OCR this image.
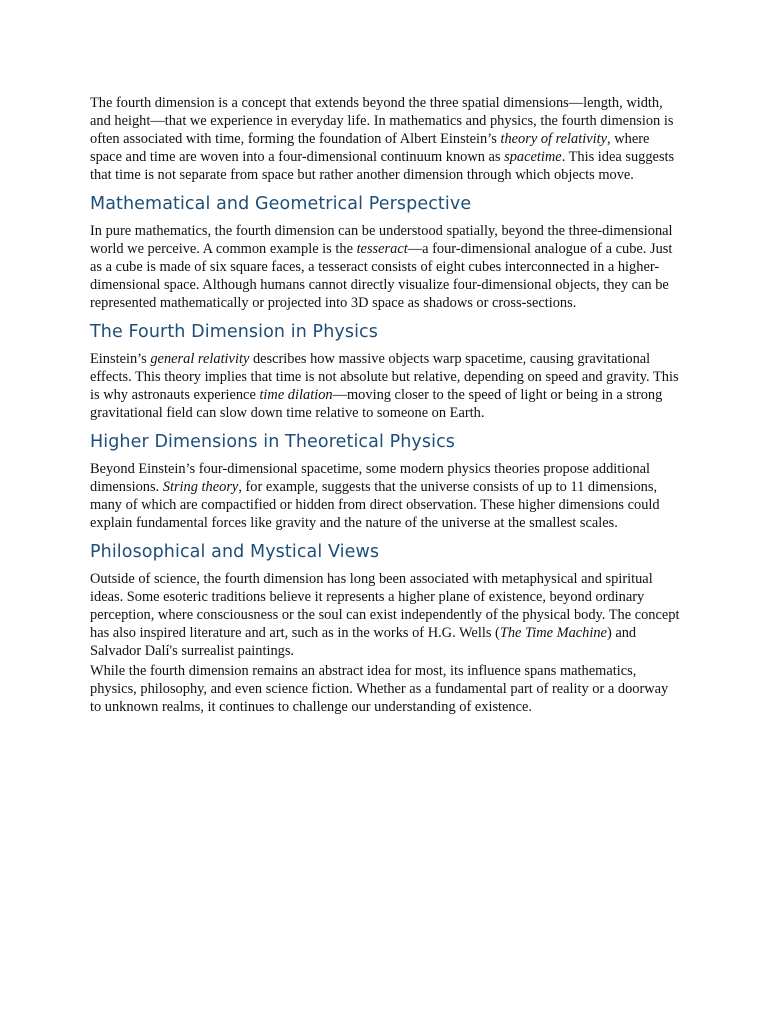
The fourth dimension is a concept that extends beyond the three spatial dimensions—length, width, and height—that we experience in everyday life. In mathematics and physics, the fourth dimension is often associated with time, forming the foundation of Albert Einstein’s theory of relativity, where space and time are woven into a four-dimensional continuum known as spacetime. This idea suggests that time is not separate from space but rather another dimension through which objects move.

Mathematical and Geometrical Perspective

In pure mathematics, the fourth dimension can be understood spatially, beyond the three-dimensional world we perceive. A common example is the tesseract—a four-dimensional analogue of a cube. Just as a cube is made of six square faces, a tesseract consists of eight cubes interconnected in a higher-dimensional space. Although humans cannot directly visualize four-dimensional objects, they can be represented mathematically or projected into 3D space as shadows or cross-sections.

The Fourth Dimension in Physics

Einstein’s general relativity describes how massive objects warp spacetime, causing gravitational effects. This theory implies that time is not absolute but relative, depending on speed and gravity. This is why astronauts experience time dilation—moving closer to the speed of light or being in a strong gravitational field can slow down time relative to someone on Earth.

Higher Dimensions in Theoretical Physics

Beyond Einstein’s four-dimensional spacetime, some modern physics theories propose additional dimensions. String theory, for example, suggests that the universe consists of up to 11 dimensions, many of which are compactified or hidden from direct observation. These higher dimensions could explain fundamental forces like gravity and the nature of the universe at the smallest scales.

Philosophical and Mystical Views

Outside of science, the fourth dimension has long been associated with metaphysical and spiritual ideas. Some esoteric traditions believe it represents a higher plane of existence, beyond ordinary perception, where consciousness or the soul can exist independently of the physical body. The concept has also inspired literature and art, such as in the works of H.G. Wells (The Time Machine) and Salvador Dalí's surrealist paintings.

While the fourth dimension remains an abstract idea for most, its influence spans mathematics, physics, philosophy, and even science fiction. Whether as a fundamental part of reality or a doorway to unknown realms, it continues to challenge our understanding of existence.
